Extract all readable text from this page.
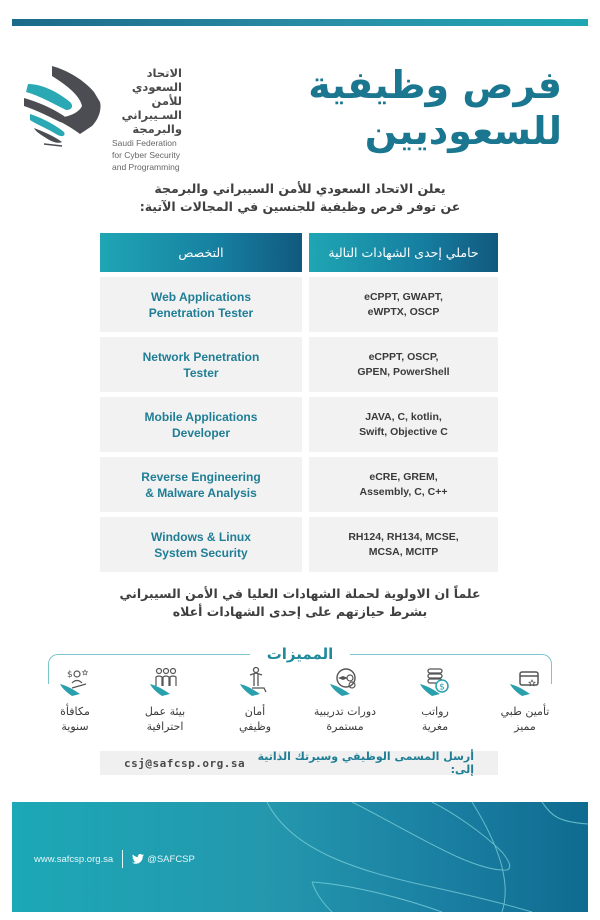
الاتحاد السعودي
للأمن السـيبراني
والبرمجة
Saudi Federation
for Cyber Security
and Programming
فرص وظيفية
للسعوديين
يعلن الاتحاد السعودي للأمن السيبراني والبرمجة
عن توفر فرص وظيفية للجنسين في المجالات الآتية:
حاملي إحدى الشهادات التالية
التخصص
eCPPT, GWAPT,
eWPTX, OSCP
Web Applications
Penetration Tester
eCPPT, OSCP,
GPEN, PowerShell
Network Penetration
Tester
JAVA, C, kotlin,
Swift, Objective C
Mobile Applications
Developer
eCRE, GREM,
Assembly, C, C++
Reverse Engineering
& Malware Analysis
RH124, RH134, MCSE,
MCSA, MCITP
Windows & Linux
System Security
علماً ان الاولوية لحملة الشهادات العليا في الأمن السيبراني
بشرط حيازتهم على إحدى الشهادات أعلاه
المميزات
تأمين طبي
مميز
$
رواتب
مغرية
دورات تدريبية
مستمرة
أمان
وظيفي
بيئة عمل
احترافية
$
مكافأة
سنوية
csj@safcsp.org.sa	أرسل المسمى الوظيفي وسيرتك الذاتية إلى:
www.safcsp.org.sa	@SAFCSP
